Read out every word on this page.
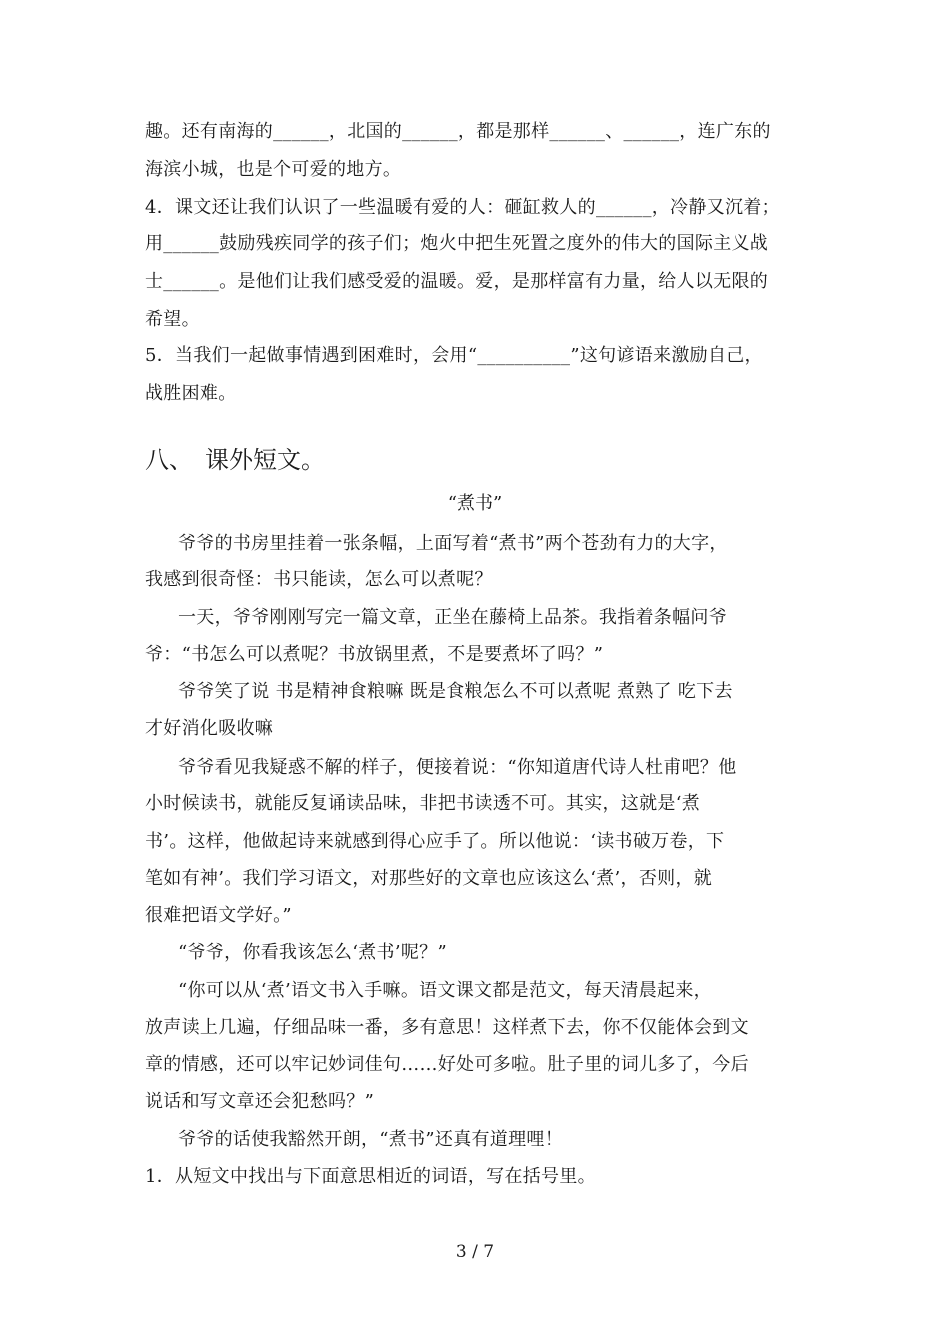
趣。还有南海的______，北国的______，都是那样______、______，连广东的
海滨小城，也是个可爱的地方。
4．课文还让我们认识了一些温暖有爱的人：砸缸救人的______，冷静又沉着；
用______鼓励残疾同学的孩子们；炮火中把生死置之度外的伟大的国际主义战
士______。是他们让我们感受爱的温暖。爱，是那样富有力量，给人以无限的
希望。
5．当我们一起做事情遇到困难时，会用“__________”这句谚语来激励自己，
战胜困难。
八、　课外短文。
“煮书”
爷爷的书房里挂着一张条幅，上面写着“煮书”两个苍劲有力的大字，
我感到很奇怪：书只能读，怎么可以煮呢？
一天，爷爷刚刚写完一篇文章，正坐在藤椅上品茶。我指着条幅问爷
爷：“书怎么可以煮呢？书放锅里煮，不是要煮坏了吗？”
爷爷笑了说 书是精神食粮嘛 既是食粮怎么不可以煮呢 煮熟了 吃下去
才好消化吸收嘛
爷爷看见我疑惑不解的样子，便接着说：“你知道唐代诗人杜甫吧？他
小时候读书，就能反复诵读品味，非把书读透不可。其实，这就是‘煮
书’。这样，他做起诗来就感到得心应手了。所以他说：‘读书破万卷，下
笔如有神’。我们学习语文，对那些好的文章也应该这么‘煮’，否则，就
很难把语文学好。”
“爷爷，你看我该怎么‘煮书’呢？”
“你可以从‘煮’语文书入手嘛。语文课文都是范文，每天清晨起来，
放声读上几遍，仔细品味一番，多有意思！这样煮下去，你不仅能体会到文
章的情感，还可以牢记妙词佳句……好处可多啦。肚子里的词儿多了，今后
说话和写文章还会犯愁吗？”
爷爷的话使我豁然开朗，“煮书”还真有道理哩！
1．从短文中找出与下面意思相近的词语，写在括号里。
3 / 7
